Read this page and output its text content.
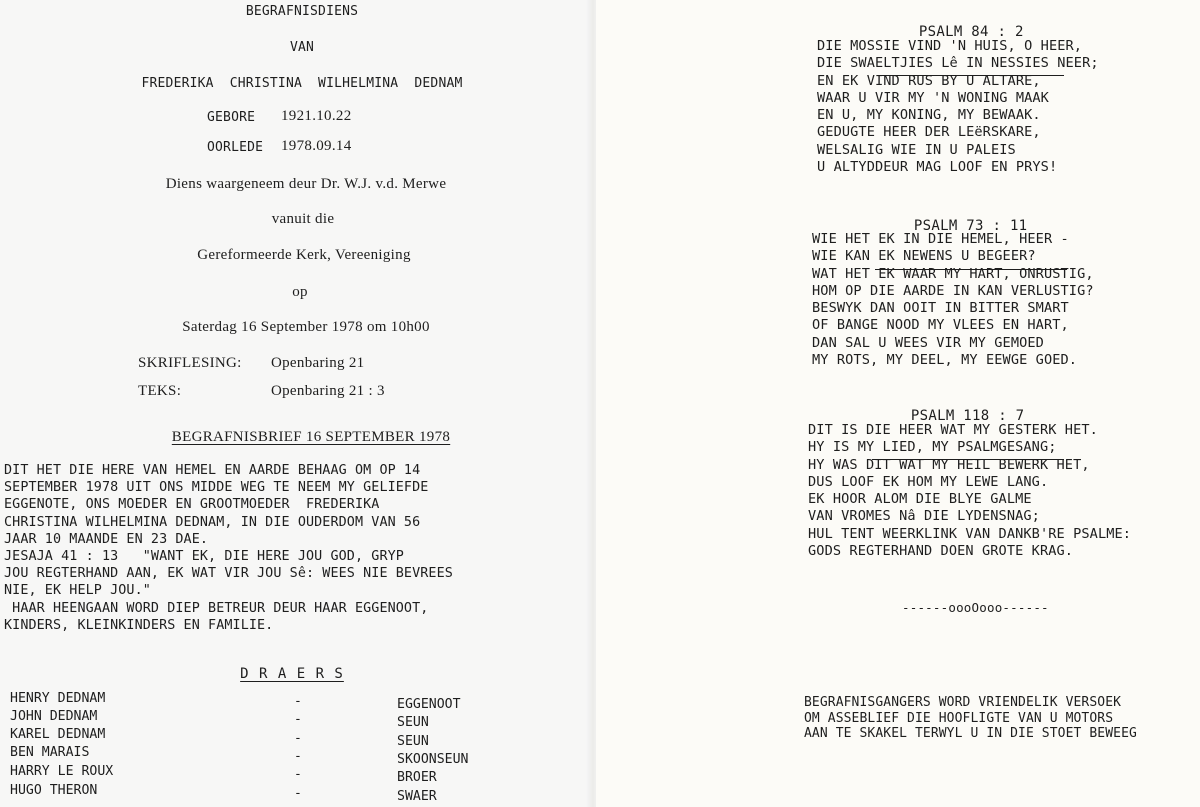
BEGRAFNISDIENS
VAN
FREDERIKA  CHRISTINA  WILHELMINA  DEDNAM
GEBORE 1921.10.22
OORLEDE 1978.09.14
Diens waargeneem deur Dr. W.J. v.d. Merwe
vanuit die
Gereformeerde Kerk, Vereeniging
op
Saterdag 16 September 1978 om 10h00
SKRIFLESING: Openbaring 21
TEKS:	Openbaring 21 : 3
BEGRAFNISBRIEF 16 SEPTEMBER 1978
DIT HET DIE HERE VAN HEMEL EN AARDE BEHAAG OM OP 14
SEPTEMBER 1978 UIT ONS MIDDE WEG TE NEEM MY GELIEFDE
EGGENOTE, ONS MOEDER EN GROOTMOEDER  FREDERIKA
CHRISTINA WILHELMINA DEDNAM, IN DIE OUDERDOM VAN 56
JAAR 10 MAANDE EN 23 DAE.
JESAJA 41 : 13   "WANT EK, DIE HERE JOU GOD, GRYP
JOU REGTERHAND AAN, EK WAT VIR JOU Sê: WEES NIE BEVREES
NIE, EK HELP JOU."
HAAR HEENGAAN WORD DIEP BETREUR DEUR HAAR EGGENOOT,
KINDERS, KLEINKINDERS EN FAMILIE.
D R A E R S
HENRY DEDNAM	-	EGGENOOT
JOHN DEDNAM	-	SEUN
KAREL DEDNAM	-	SEUN
BEN MARAIS	-	SKOONSEUN
HARRY LE ROUX	-	BROER
HUGO THERON	-	SWAER

PSALM 84 : 2

DIE MOSSIE VIND 'N HUIS, O HEER,
DIE SWAELTJIES Lê IN NESSIES NEER;
EN EK VIND RUS BY U ALTARE,
WAAR U VIR MY 'N WONING MAAK
EN U, MY KONING, MY BEWAAK.
GEDUGTE HEER DER LEëRSKARE,
WELSALIG WIE IN U PALEIS
U ALTYDDEUR MAG LOOF EN PRYS!

PSALM 73 : 11

WIE HET EK IN DIE HEMEL, HEER -
WIE KAN EK NEWENS U BEGEER?
WAT HET EK WAAR MY HART, ONRUSTIG,
HOM OP DIE AARDE IN KAN VERLUSTIG?
BESWYK DAN OOIT IN BITTER SMART
OF BANGE NOOD MY VLEES EN HART,
DAN SAL U WEES VIR MY GEMOED
MY ROTS, MY DEEL, MY EEWGE GOED.

PSALM 118 : 7

DIT IS DIE HEER WAT MY GESTERK HET.
HY IS MY LIED, MY PSALMGESANG;
HY WAS DIT WAT MY HEIL BEWERK HET,
DUS LOOF EK HOM MY LEWE LANG.
EK HOOR ALOM DIE BLYE GALME
VAN VROMES Nâ DIE LYDENSNAG;
HUL TENT WEERKLINK VAN DANKB'RE PSALME:
GODS REGTERHAND DOEN GROTE KRAG.
------oooOooo------
BEGRAFNISGANGERS WORD VRIENDELIK VERSOEK
OM ASSEBLIEF DIE HOOFLIGTE VAN U MOTORS
AAN TE SKAKEL TERWYL U IN DIE STOET BEWEEG
